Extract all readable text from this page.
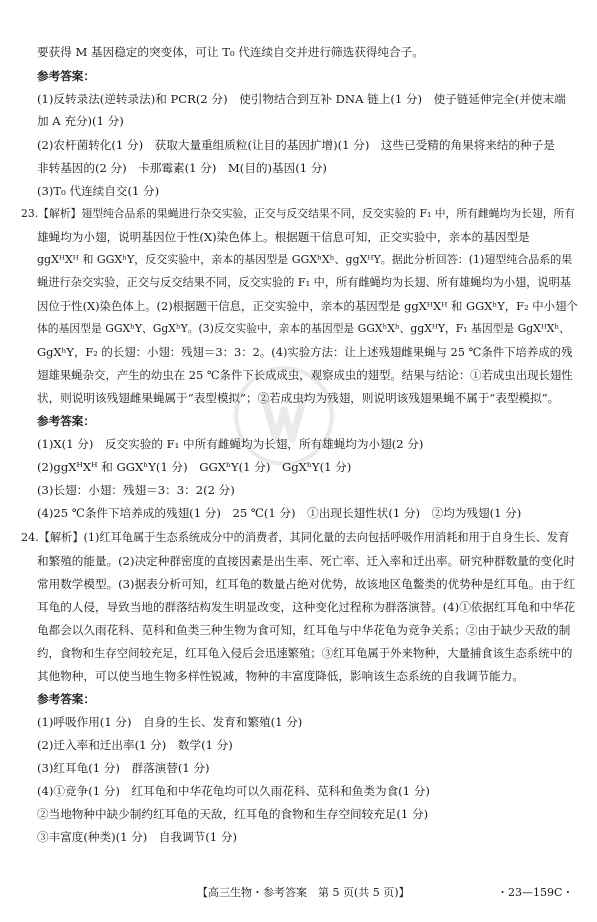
要获得 M 基因稳定的突变体，可让 T₀ 代连续自交并进行筛选获得纯合子。
参考答案：
(1)反转录法(逆转录法)和 PCR(2 分)　使引物结合到互补 DNA 链上(1 分)　使子链延伸完全(并使末端
加 A 充分)(1 分)
(2)农杆菌转化(1 分)　获取大量重组质粒(让目的基因扩增)(1 分)　这些已受精的角果将来结的种子是
非转基因的(2 分)　卡那霉素(1 分)　M(目的)基因(1 分)
(3)T₀ 代连续自交(1 分)
23.【解析】翅型纯合品系的果蝇进行杂交实验，正交与反交结果不同，反交实验的 F₁ 中，所有雌蝇均为长翅，所有
雄蝇均为小翅，说明基因位于性(X)染色体上。根据题干信息可知，正交实验中，亲本的基因型是
ggXᴴXᴴ 和 GGXʰY，反交实验中，亲本的基因型是 GGXʰXʰ、ggXᴴY。据此分析回答：(1)翅型纯合品系的果
蝇进行杂交实验，正交与反交结果不同，反交实验的 F₁ 中，所有雌蝇均为长翅、所有雄蝇均为小翅，说明基
因位于性(X)染色体上。(2)根据题干信息，正交实验中，亲本的基因型是 ggXᴴXᴴ 和 GGXʰY，F₂ 中小翅个
体的基因型是 GGXʰY、GgXʰY。(3)反交实验中，亲本的基因型是 GGXʰXʰ、ggXᴴY，F₁ 基因型是 GgXᴴXʰ、
GgXʰY，F₂ 的长翅：小翅：残翅＝3：3：2。(4)实验方法：让上述残翅雌果蝇与 25 ℃条件下培养成的残
翅雄果蝇杂交，产生的幼虫在 25 ℃条件下长成成虫，观察成虫的翅型。结果与结论：①若成虫出现长翅性
状，则说明该残翅雌果蝇属于“表型模拟”；②若成虫均为残翅，则说明该残翅果蝇不属于“表型模拟”。
参考答案：
(1)X(1 分)　反交实验的 F₁ 中所有雌蝇均为长翅，所有雄蝇均为小翅(2 分)
(2)ggXᴴXᴴ 和 GGXʰY(1 分)　GGXʰY(1 分)　GgXʰY(1 分)
(3)长翅：小翅：残翅＝3：3：2(2 分)
(4)25 ℃条件下培养成的残翅(1 分)　25 ℃(1 分)　①出现长翅性状(1 分)　②均为残翅(1 分)
24.【解析】(1)红耳龟属于生态系统成分中的消费者，其同化量的去向包括呼吸作用消耗和用于自身生长、发育
和繁殖的能量。(2)决定种群密度的直接因素是出生率、死亡率、迁入率和迁出率。研究种群数量的变化时
常用数学模型。(3)据表分析可知，红耳龟的数量占绝对优势，故该地区龟鳖类的优势种是红耳龟。由于红
耳龟的人侵，导致当地的群落结构发生明显改变，这种变化过程称为群落演替。(4)①依据红耳龟和中华花
龟都会以久雨花科、苋科和鱼类三种生物为食可知，红耳龟与中华花龟为竞争关系；②由于缺少天敌的制
约，食物和生存空间较充足，红耳龟入侵后会迅速繁殖；③红耳龟属于外来物种，大量捕食该生态系统中的
其他物种，可以使当地生物多样性锐减，物种的丰富度降低，影响该生态系统的自我调节能力。
参考答案：
(1)呼吸作用(1 分)　自身的生长、发育和繁殖(1 分)
(2)迁入率和迁出率(1 分)　数学(1 分)
(3)红耳龟(1 分)　群落演替(1 分)
(4)①竞争(1 分)　红耳龟和中华花龟均可以久雨花科、苋科和鱼类为食(1 分)
②当地物种中缺少制约红耳龟的天敌，红耳龟的食物和生存空间较充足(1 分)
③丰富度(种类)(1 分)　自我调节(1 分)
【高三生物・参考答案　第 5 页(共 5 页)】	・23—159C・
